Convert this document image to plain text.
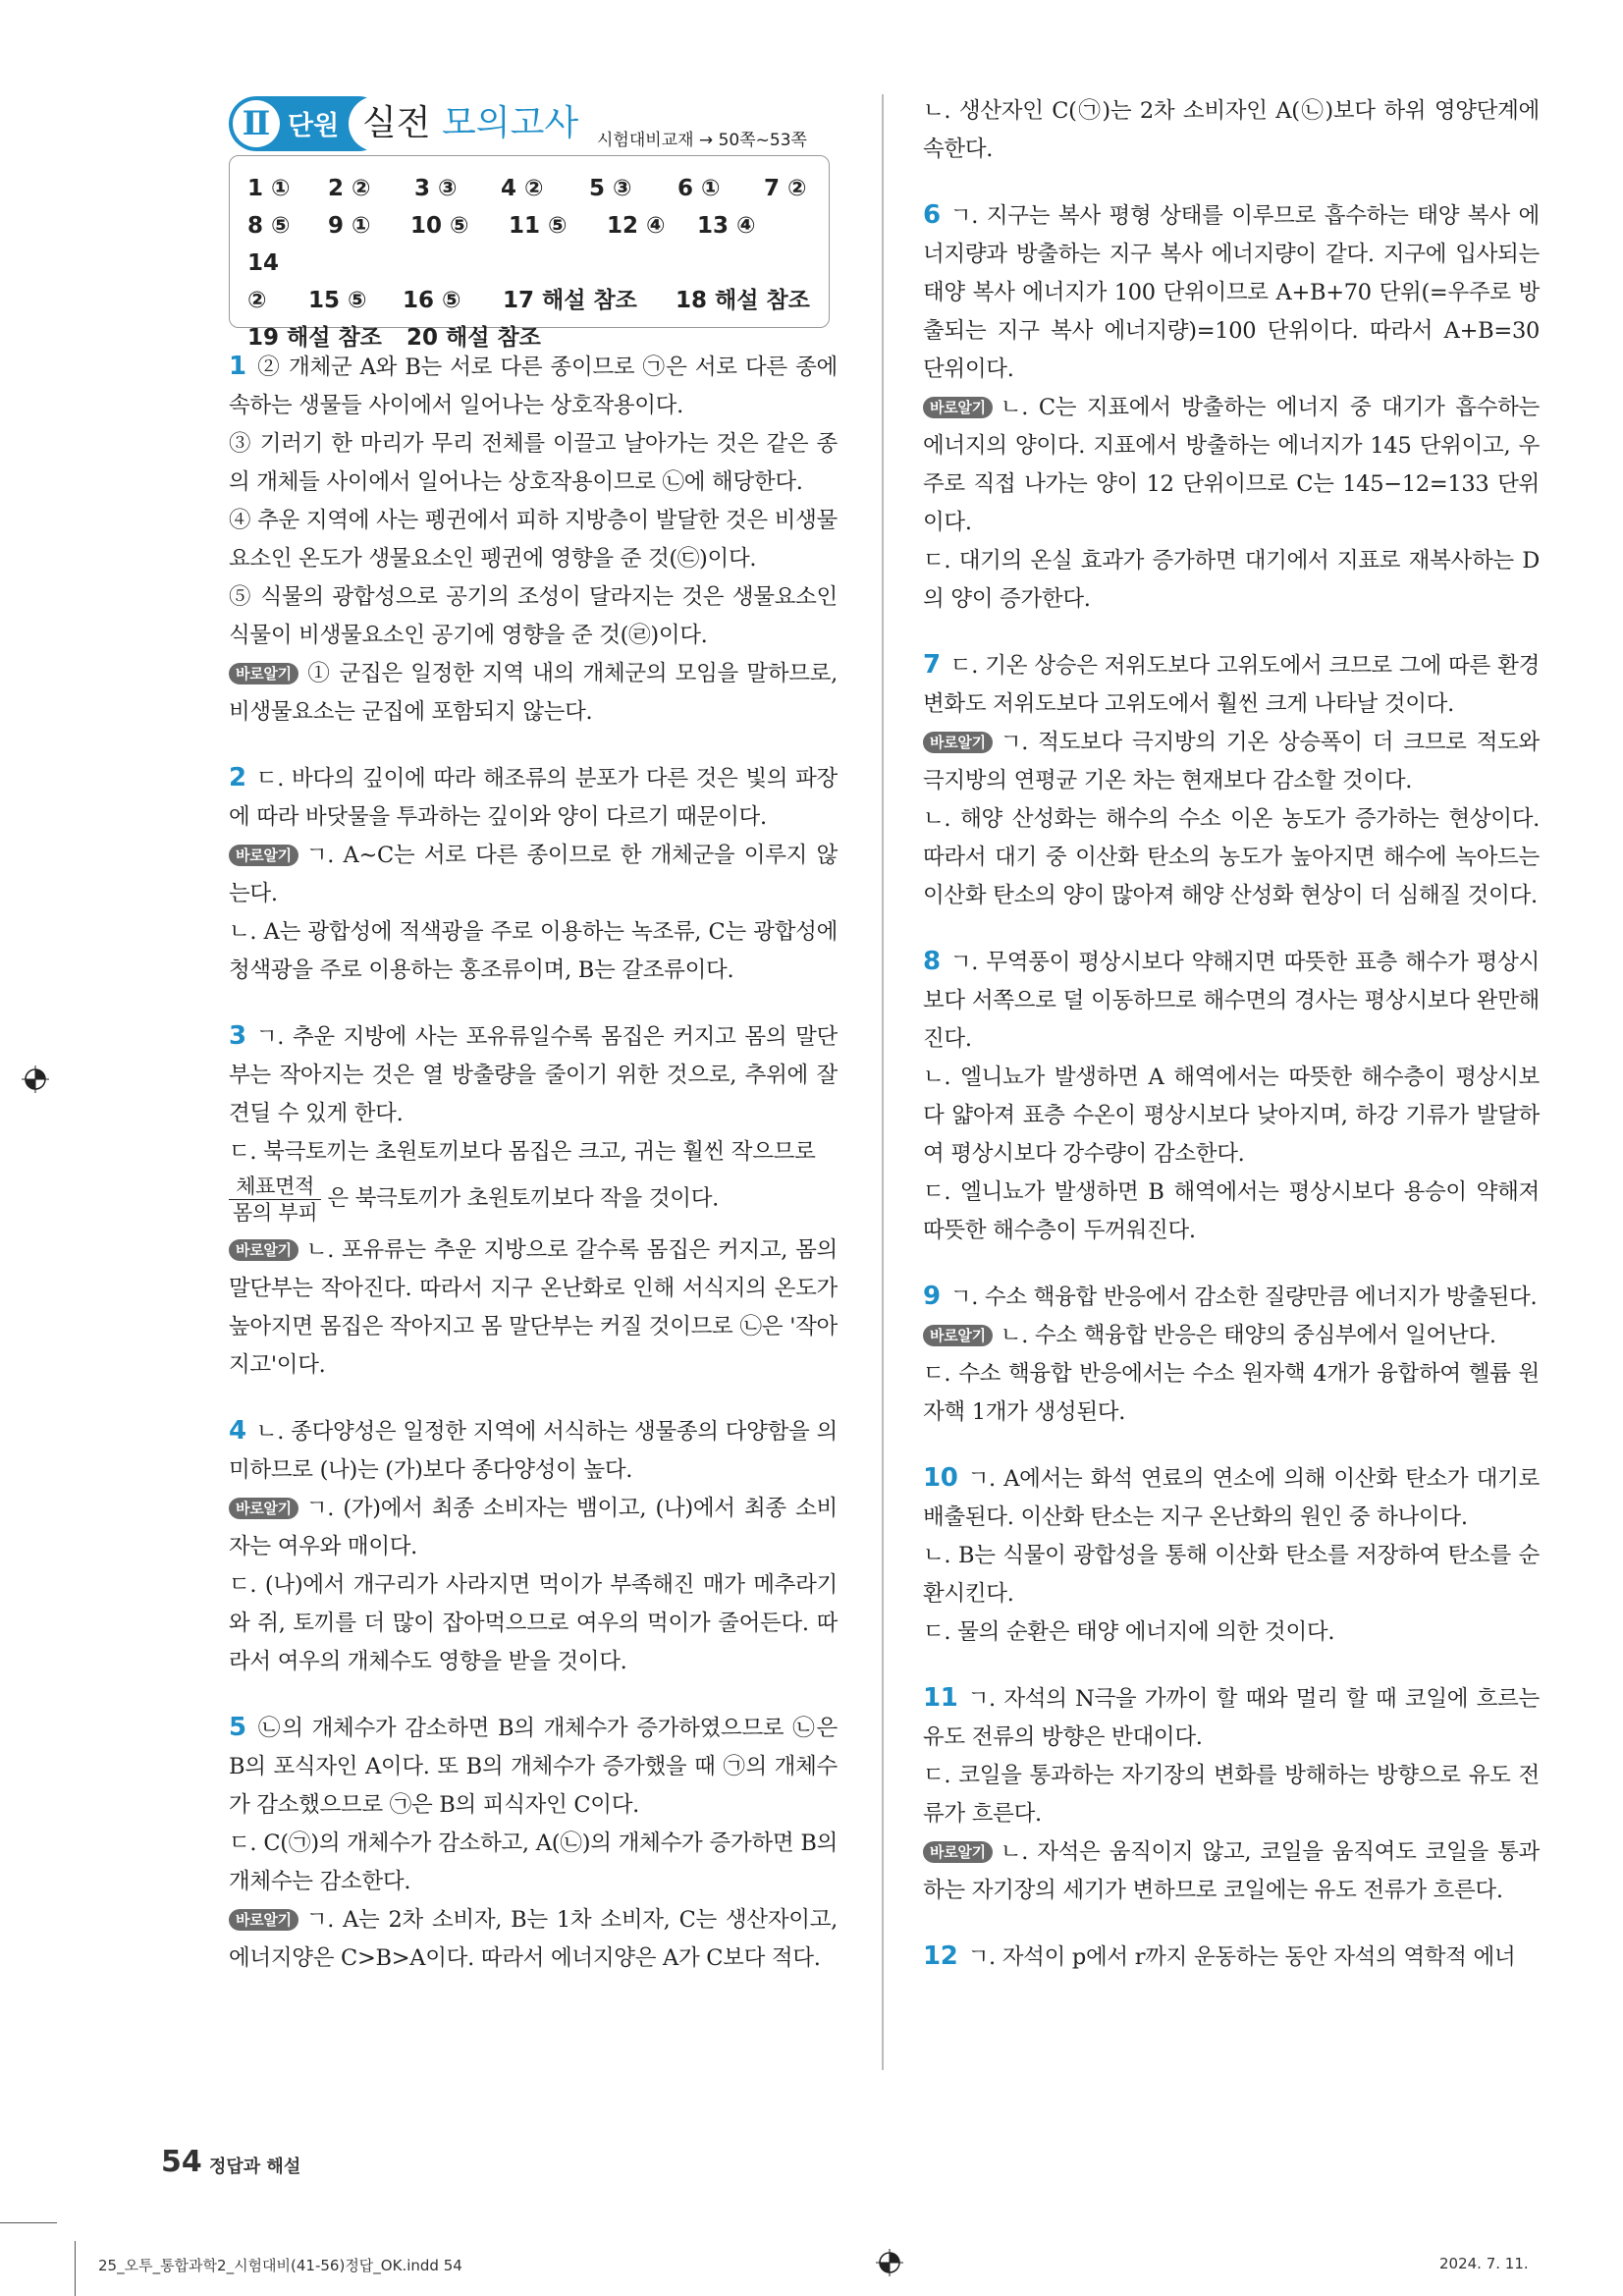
Ⅱ 단원 실전 모의고사	시험대비교재 → 50쪽~53쪽
1 ① 2 ② 3 ③ 4 ② 5 ③ 6 ① 7 ②
8 ⑤ 9 ① 10 ⑤ 11 ⑤ 12 ④ 13 ④14
② 15 ⑤ 16 ⑤ 17 해설 참조 18 해설 참조
19 해설 참조 20 해설 참조

1 ② 개체군 A와 B는 서로 다른 종이므로 ㉠은 서로 다른 종에 속하는 생물들 사이에서 일어나는 상호작용이다.

③ 기러기 한 마리가 무리 전체를 이끌고 날아가는 것은 같은 종의 개체들 사이에서 일어나는 상호작용이므로 ㉡에 해당한다.

④ 추운 지역에 사는 펭귄에서 피하 지방층이 발달한 것은 비생물요소인 온도가 생물요소인 펭귄에 영향을 준 것(㉢)이다.

⑤ 식물의 광합성으로 공기의 조성이 달라지는 것은 생물요소인 식물이 비생물요소인 공기에 영향을 준 것(㉣)이다.

바로알기 ① 군집은 일정한 지역 내의 개체군의 모임을 말하므로, 비생물요소는 군집에 포함되지 않는다.

2 ㄷ. 바다의 깊이에 따라 해조류의 분포가 다른 것은 빛의 파장에 따라 바닷물을 투과하는 깊이와 양이 다르기 때문이다.

바로알기 ㄱ. A~C는 서로 다른 종이므로 한 개체군을 이루지 않는다.

ㄴ. A는 광합성에 적색광을 주로 이용하는 녹조류, C는 광합성에 청색광을 주로 이용하는 홍조류이며, B는 갈조류이다.

3 ㄱ. 추운 지방에 사는 포유류일수록 몸집은 커지고 몸의 말단부는 작아지는 것은 열 방출량을 줄이기 위한 것으로, 추위에 잘 견딜 수 있게 한다.

ㄷ. 북극토끼는 초원토끼보다 몸집은 크고, 귀는 훨씬 작으므로

$\frac{\text{체표면적}}{\text{몸의 부피}}$ 은 북극토끼가 초원토끼보다 작을 것이다.

바로알기 ㄴ. 포유류는 추운 지방으로 갈수록 몸집은 커지고, 몸의 말단부는 작아진다. 따라서 지구 온난화로 인해 서식지의 온도가 높아지면 몸집은 작아지고 몸 말단부는 커질 것이므로 ㉡은 '작아지고'이다.

4 ㄴ. 종다양성은 일정한 지역에 서식하는 생물종의 다양함을 의미하므로 (나)는 (가)보다 종다양성이 높다.

바로알기 ㄱ. (가)에서 최종 소비자는 뱀이고, (나)에서 최종 소비자는 여우와 매이다.

ㄷ. (나)에서 개구리가 사라지면 먹이가 부족해진 매가 메추라기와 쥐, 토끼를 더 많이 잡아먹으므로 여우의 먹이가 줄어든다. 따라서 여우의 개체수도 영향을 받을 것이다.

5 ㉡의 개체수가 감소하면 B의 개체수가 증가하였으므로 ㉡은 B의 포식자인 A이다. 또 B의 개체수가 증가했을 때 ㉠의 개체수가 감소했으므로 ㉠은 B의 피식자인 C이다.

ㄷ. C(㉠)의 개체수가 감소하고, A(㉡)의 개체수가 증가하면 B의 개체수는 감소한다.

바로알기 ㄱ. A는 2차 소비자, B는 1차 소비자, C는 생산자이고, 에너지양은 C>B>A이다. 따라서 에너지양은 A가 C보다 적다.

ㄴ. 생산자인 C(㉠)는 2차 소비자인 A(㉡)보다 하위 영양단계에 속한다.

6 ㄱ. 지구는 복사 평형 상태를 이루므로 흡수하는 태양 복사 에너지량과 방출하는 지구 복사 에너지량이 같다. 지구에 입사되는 태양 복사 에너지가 100 단위이므로 A+B+70 단위(=우주로 방출되는 지구 복사 에너지량)=100 단위이다. 따라서 A+B=30 단위이다.

바로알기 ㄴ. C는 지표에서 방출하는 에너지 중 대기가 흡수하는 에너지의 양이다. 지표에서 방출하는 에너지가 145 단위이고, 우주로 직접 나가는 양이 12 단위이므로 C는 145−12=133 단위이다.

ㄷ. 대기의 온실 효과가 증가하면 대기에서 지표로 재복사하는 D의 양이 증가한다.

7 ㄷ. 기온 상승은 저위도보다 고위도에서 크므로 그에 따른 환경 변화도 저위도보다 고위도에서 훨씬 크게 나타날 것이다.

바로알기 ㄱ. 적도보다 극지방의 기온 상승폭이 더 크므로 적도와 극지방의 연평균 기온 차는 현재보다 감소할 것이다.

ㄴ. 해양 산성화는 해수의 수소 이온 농도가 증가하는 현상이다. 따라서 대기 중 이산화 탄소의 농도가 높아지면 해수에 녹아드는 이산화 탄소의 양이 많아져 해양 산성화 현상이 더 심해질 것이다.

8 ㄱ. 무역풍이 평상시보다 약해지면 따뜻한 표층 해수가 평상시보다 서쪽으로 덜 이동하므로 해수면의 경사는 평상시보다 완만해진다.

ㄴ. 엘니뇨가 발생하면 A 해역에서는 따뜻한 해수층이 평상시보다 얇아져 표층 수온이 평상시보다 낮아지며, 하강 기류가 발달하여 평상시보다 강수량이 감소한다.

ㄷ. 엘니뇨가 발생하면 B 해역에서는 평상시보다 용승이 약해져 따뜻한 해수층이 두꺼워진다.

9 ㄱ. 수소 핵융합 반응에서 감소한 질량만큼 에너지가 방출된다.

바로알기 ㄴ. 수소 핵융합 반응은 태양의 중심부에서 일어난다.

ㄷ. 수소 핵융합 반응에서는 수소 원자핵 4개가 융합하여 헬륨 원자핵 1개가 생성된다.

10 ㄱ. A에서는 화석 연료의 연소에 의해 이산화 탄소가 대기로 배출된다. 이산화 탄소는 지구 온난화의 원인 중 하나이다.

ㄴ. B는 식물이 광합성을 통해 이산화 탄소를 저장하여 탄소를 순환시킨다.

ㄷ. 물의 순환은 태양 에너지에 의한 것이다.

11 ㄱ. 자석의 N극을 가까이 할 때와 멀리 할 때 코일에 흐르는 유도 전류의 방향은 반대이다.

ㄷ. 코일을 통과하는 자기장의 변화를 방해하는 방향으로 유도 전류가 흐른다.

바로알기 ㄴ. 자석은 움직이지 않고, 코일을 움직여도 코일을 통과하는 자기장의 세기가 변하므로 코일에는 유도 전류가 흐른다.

12 ㄱ. 자석이 p에서 r까지 운동하는 동안 자석의 역학적 에너

54 정답과 해설
25_오투_통합과학2_시험대비(41-56)정답_OK.indd 54	2024. 7. 11.
